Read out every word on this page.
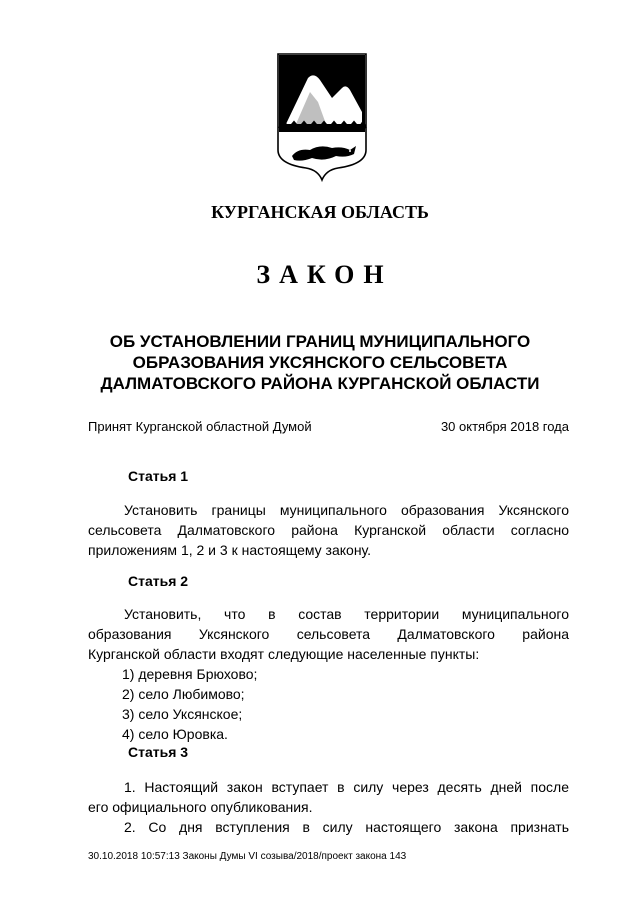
КУРГАНСКАЯ ОБЛАСТЬ
ЗАКОН
ОБ УСТАНОВЛЕНИИ ГРАНИЦ МУНИЦИПАЛЬНОГО
ОБРАЗОВАНИЯ УКСЯНСКОГО СЕЛЬСОВЕТА
ДАЛМАТОВСКОГО РАЙОНА КУРГАНСКОЙ ОБЛАСТИ
Принят Курганской областной Думой	30 октября 2018 года
Статья 1
Установить границы муниципального образования Уксянского
сельсовета Далматовского района Курганской области согласно
приложениям 1, 2 и 3 к настоящему закону.
Статья 2
Установить, что в состав территории муниципального
образования Уксянского сельсовета Далматовского района
Курганской области входят следующие населенные пункты:
1) деревня Брюхово;
2) село Любимово;
3) село Уксянское;
4) село Юровка.
Статья 3
1. Настоящий закон вступает в силу через десять дней после
его официального опубликования.
2. Со дня вступления в силу настоящего закона признать
30.10.2018 10:57:13 Законы Думы VI созыва/2018/проект закона 143
